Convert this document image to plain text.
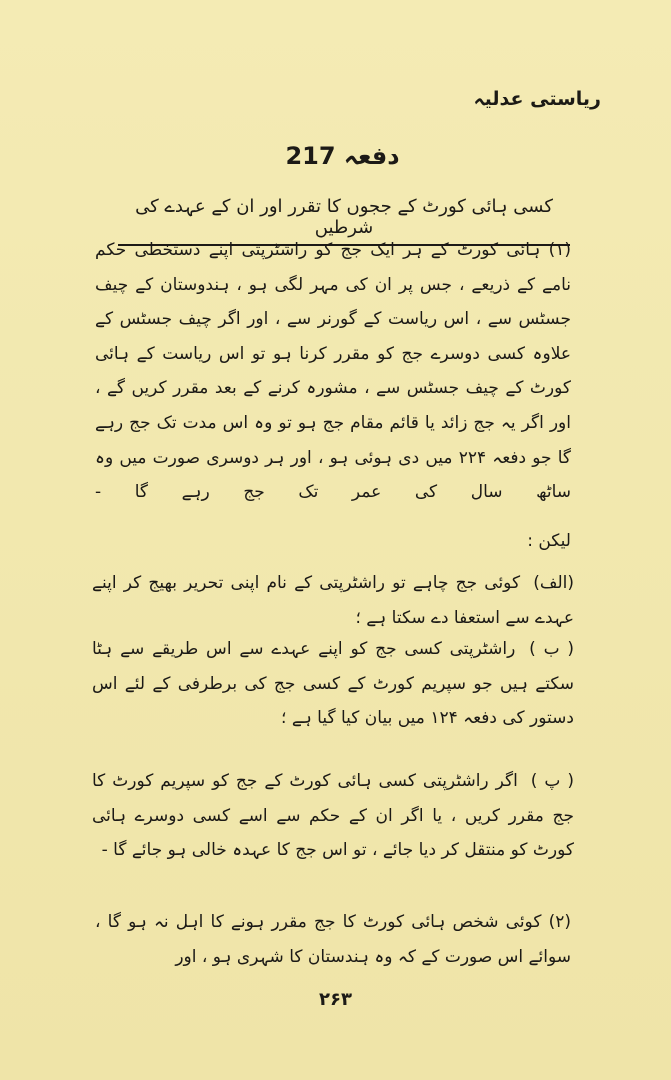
ریاستی عدلیہ
دفعہ 217
کسی ہائی کورٹ کے ججوں کا تقرر اور ان کے عہدے کی شرطیں
(۱) ہائی کورٹ کے ہر ایک جج کو راشٹرپتی اپنے دستخطی حکم نامے کے ذریعے ، جس پر ان کی مہر لگی ہو ، ہندوستان کے چیف جسٹس سے ، اس ریاست کے گورنر سے ، اور اگر چیف جسٹس کے علاوہ کسی دوسرے جج کو مقرر کرنا ہو تو اس ریاست کے ہائی کورٹ کے چیف جسٹس سے ، مشورہ کرنے کے بعد مقرر کریں گے ، اور اگر یہ جج زائد یا قائم مقام جج ہو تو وہ اس مدت تک جج رہے گا جو دفعہ ۲۲۴ میں دی ہوئی ہو ، اور ہر دوسری صورت میں وہ ساٹھ سال کی عمر تک جج رہے گا -
لیکن :
(الف) کوئی جج چاہے تو راشٹرپتی کے نام اپنی تحریر بھیج کر اپنے عہدے سے استعفا دے سکتا ہے ؛
( ب ) راشٹرپتی کسی جج کو اپنے عہدے سے اس طریقے سے ہٹا سکتے ہیں جو سپریم کورٹ کے کسی جج کی برطرفی کے لئے اس دستور کی دفعہ ۱۲۴ میں بیان کیا گیا ہے ؛
( پ ) اگر راشٹرپتی کسی ہائی کورٹ کے جج کو سپریم کورٹ کا جج مقرر کریں ، یا اگر ان کے حکم سے اسے کسی دوسرے ہائی کورٹ کو منتقل کر دیا جائے ، تو اس جج کا عہدہ خالی ہو جائے گا -
(۲) کوئی شخص ہائی کورٹ کا جج مقرر ہونے کا اہل نہ ہو گا ، سوائے اس صورت کے کہ وہ ہندستان کا شہری ہو ، اور
۲۶۳
